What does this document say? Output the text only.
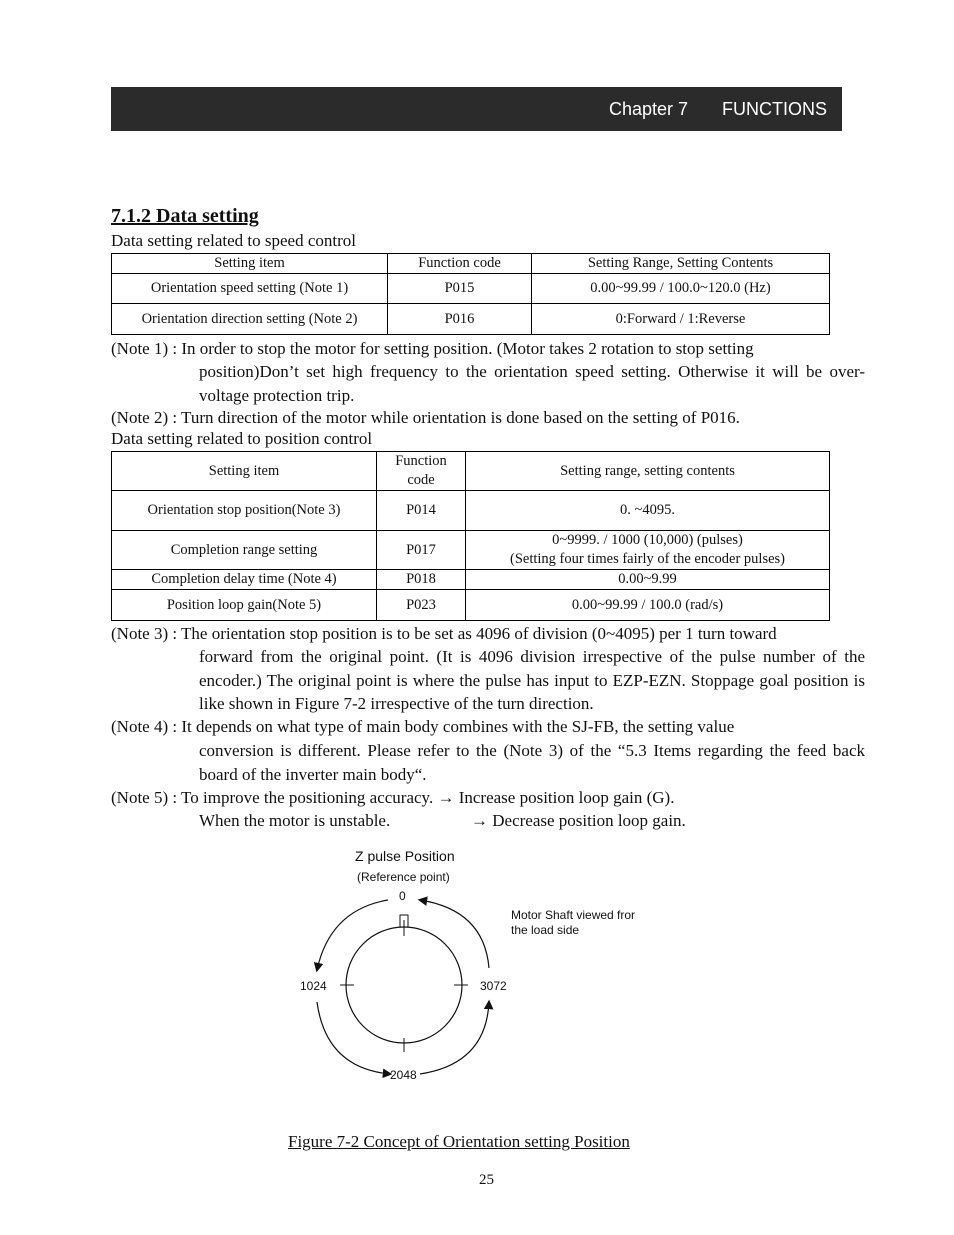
Chapter 7 FUNCTIONS
7.1.2 Data setting
Data setting related to speed control
Setting item	Function code	Setting Range, Setting Contents
Orientation speed setting (Note 1)	P015	0.00~99.99 / 100.0~120.0 (Hz)
Orientation direction setting (Note 2)	P016	0:Forward / 1:Reverse
(Note 1) : In order to stop the motor for setting position. (Motor takes 2 rotation to stop setting
position)Don’t set high frequency to the orientation speed setting. Otherwise it will be over-voltage protection trip.
(Note 2) : Turn direction of the motor while orientation is done based on the setting of P016.
Data setting related to position control
Setting item	Function code	Setting range, setting contents
Orientation stop position(Note 3)	P014	0. ~4095.
Completion range setting	P017	0~9999. / 1000 (10,000) (pulses)
(Setting four times fairly of the encoder pulses)

Completion delay time (Note 4)	P018	0.00~9.99
Position loop gain(Note 5)	P023	0.00~99.99 / 100.0 (rad/s)
(Note 3) : The orientation stop position is to be set as 4096 of division (0~4095) per 1 turn toward
forward from the original point. (It is 4096 division irrespective of the pulse number of the encoder.) The original point is where the pulse has input to EZP-EZN. Stoppage goal position is like shown in Figure 7-2 irrespective of the turn direction.
(Note 4) : It depends on what type of main body combines with the SJ-FB, the setting value
conversion is different. Please refer to the (Note 3) of the “5.3 Items regarding the feed back board of the inverter main body“.
(Note 5) : To improve the positioning accuracy. → Increase position loop gain (G).
When the motor is unstable.	→ Decrease position loop gain.
Z pulse Position
(Reference point)
0
1024	3072
2048
Motor Shaft viewed fror
the load side
Figure 7-2 Concept of Orientation setting Position
25
